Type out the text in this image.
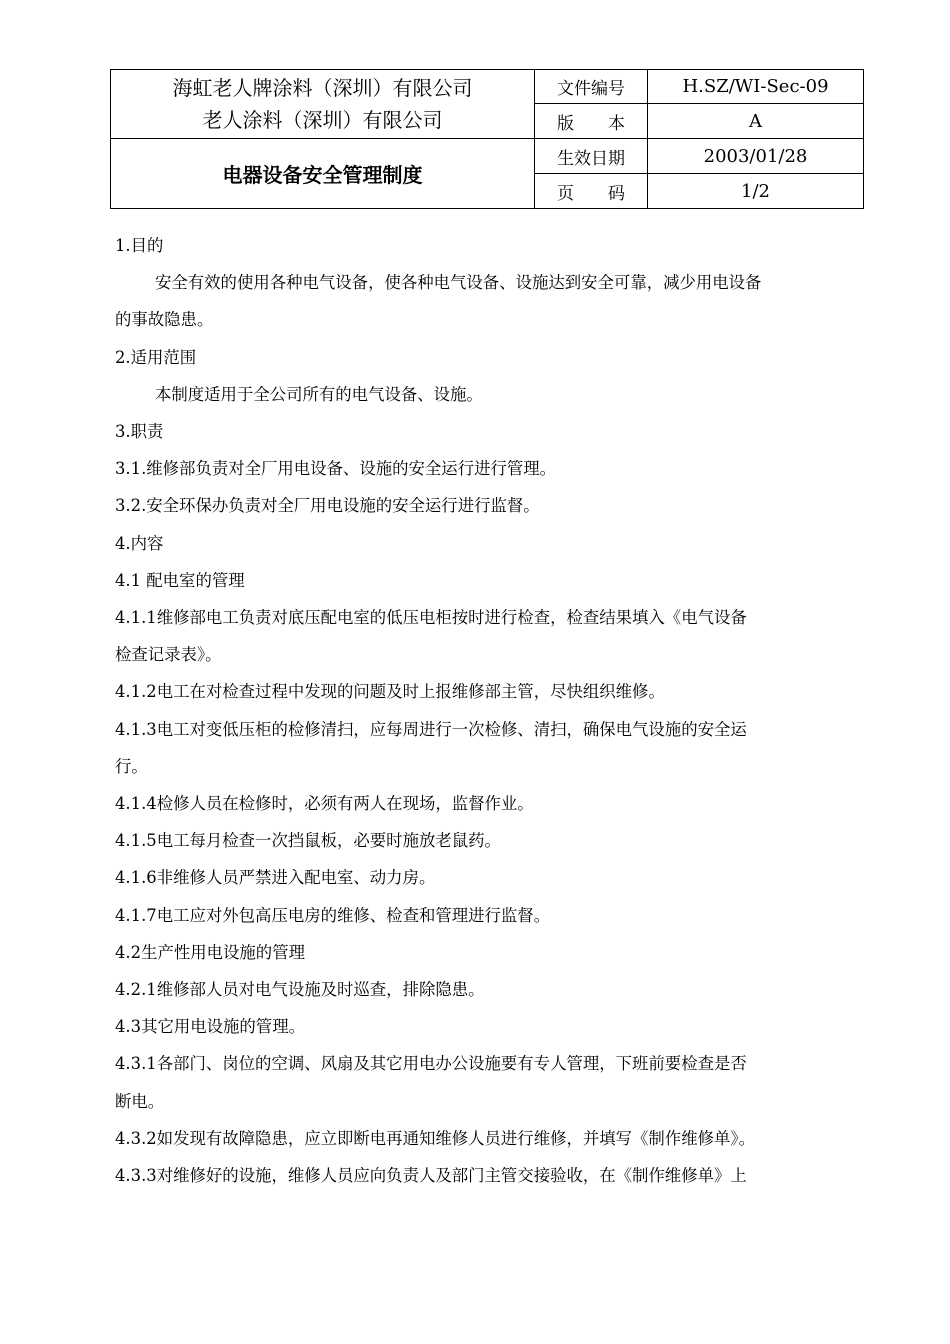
海虹老人牌涂料（深圳）有限公司
老人涂料（深圳）有限公司	文件编号	H.SZ/WI-Sec-09
	版 本	A
电器设备安全管理制度	生效日期	2003/01/28
	页 码	1/2

1.目的

安全有效的使用各种电气设备，使各种电气设备、设施达到安全可靠，减少用电设备

的事故隐患。

2.适用范围

本制度适用于全公司所有的电气设备、设施。

3.职责

3.1.维修部负责对全厂用电设备、设施的安全运行进行管理。

3.2.安全环保办负责对全厂用电设施的安全运行进行监督。

4.内容

4.1 配电室的管理

4.1.1维修部电工负责对底压配电室的低压电柜按时进行检查，检查结果填入《电气设备

检查记录表》。

4.1.2电工在对检查过程中发现的问题及时上报维修部主管，尽快组织维修。

4.1.3电工对变低压柜的检修清扫，应每周进行一次检修、清扫，确保电气设施的安全运

行。

4.1.4检修人员在检修时，必须有两人在现场，监督作业。

4.1.5电工每月检查一次挡鼠板，必要时施放老鼠药。

4.1.6非维修人员严禁进入配电室、动力房。

4.1.7电工应对外包高压电房的维修、检查和管理进行监督。

4.2生产性用电设施的管理

4.2.1维修部人员对电气设施及时巡查，排除隐患。

4.3其它用电设施的管理。

4.3.1各部门、岗位的空调、风扇及其它用电办公设施要有专人管理，下班前要检查是否

断电。

4.3.2如发现有故障隐患，应立即断电再通知维修人员进行维修，并填写《制作维修单》。

4.3.3对维修好的设施，维修人员应向负责人及部门主管交接验收，在《制作维修单》上
